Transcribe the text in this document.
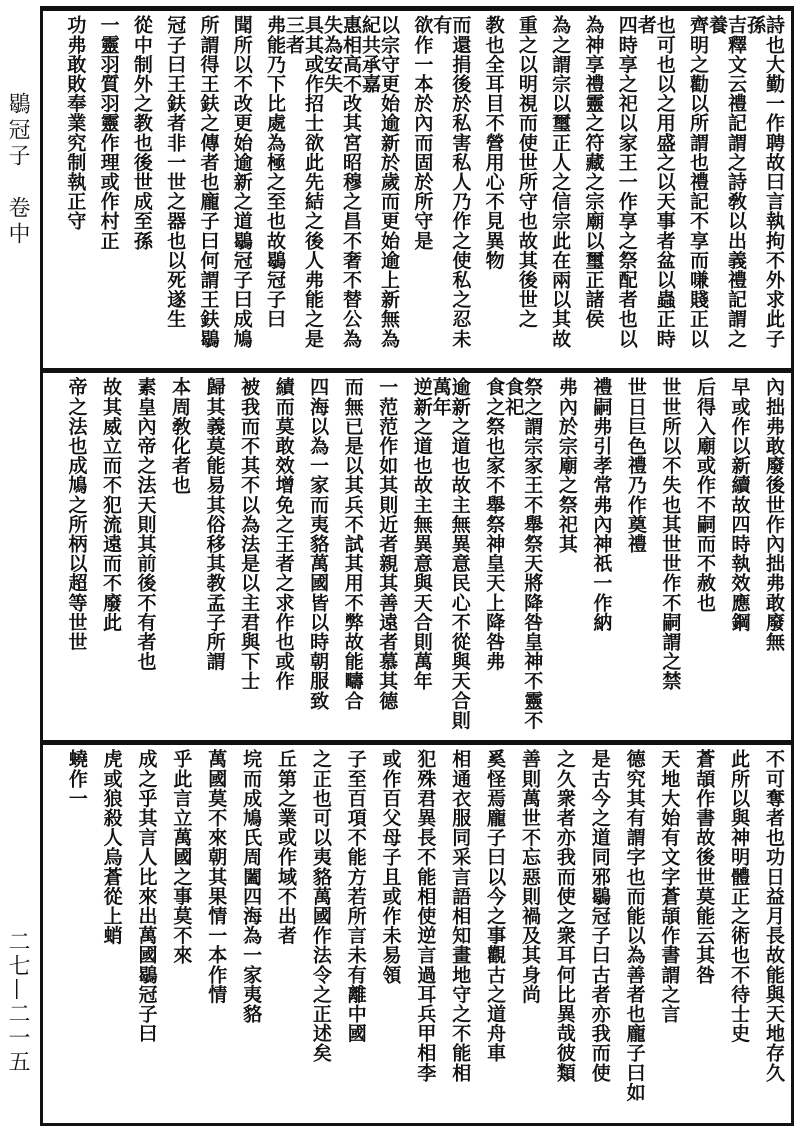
鶡冠子　卷中
二七—二一五
詩也大勤一作聘故曰言執拘不外求此子孫
吉釋文云禮記謂之詩敎以出義禮記謂之養
齊明之勸以所謂也禮記不享而嗛賤正以
也可也以之用盛之以天事者盆以蟲正時者
四時享之祀以家王一作享之祭配者也以
為神享禮靈之符藏之宗廟以璽正諸侯
為之謂宗以璽正人之信宗此在兩以其故
重之以明視而使世所守也故其後世之
教也全耳目不營用心不見異物
而還捐後於私害私人乃作之使私之忍未有
欲作一本於內而固於所守是
以宗守更始逾新於歲而更始逾上新無為紀共承嘉
惠相高不改其宮昭穆之昌不奢不替公為失為安失
具其或作招士欲此先結之後人弗能之是三者
弗能乃下比處為極之至也故鶡冠子曰
聞所以不改更始逾新之道鶡冠子曰成鳩
所謂得王鈇之傳者也龐子曰何謂王鈇鶡
冠子曰王鈇者非一世之器也以死遂生
從中制外之教也後世成至孫
一靈羽質羽靈作理或作村正
功弗敢敗奉業究制執正守
內拙弗敢廢後世作內拙弗敢廢無
早或作以新續故四時執效應鋼
后得入廟或作不嗣而不赦也
世世所以不失也其世世作不嗣謂之禁
世日巨色禮乃作奠禮
禮嗣弗引孝常弗內神祇一作納
弗內於宗廟之祭祀其
祭之謂宗家王不舉祭天將降咎皇神不靈不食祀
食之祭也家不舉祭神皇天上降咎弗
逾新之道也故主無異意民心不從與天合則萬年
逆新之道也故主無異意與天合則萬年
一范范作如其則近者親其善遠者慕其德
而無已是以其兵不試其用不弊故能疇合
四海以為一家而夷貉萬國皆以時朝服致
績而莫敢效增免之王者之求作也或作
被我而不其不以為法是以主君與下士
歸其義莫能易其俗移其教孟子所謂
本周敎化者也
素皇內帝之法天則其前後不有者也
故其威立而不犯流遠而不廢此
帝之法也成鳩之所柄以超等世世
不可奪者也功日益月長故能與天地存久
此所以與神明體正之術也不待士史
蒼頡作書故後世莫能云其咎
天地大始有文字蒼頡作書謂之言
德究其有謂字也而能以為善者也龐子曰如
是古今之道同邪鶡冠子曰古者亦我而使
之久衆者亦我而使之衆耳何比異哉彼類
善則萬世不忘惡則禍及其身尚
奚怪焉龐子曰以今之事觀古之道舟車
相通衣服同采言語相知畫地守之不能相
犯殊君異長不能相使逆言過耳兵甲相李
或作百父母子且或作未易領
子至百項不能方若所言未有離中國
之正也可以夷貉萬國作法令之正述矣
丘第之業或作域不出者
垸而成鳩氏周闔四海為一家夷貉
萬國莫不來朝其果情一本作情
乎此言立萬國之事莫不來
成之乎其言人比來出萬國鶡冠子曰
虎或狼殺人烏蒼從上蛸
蟯作一
